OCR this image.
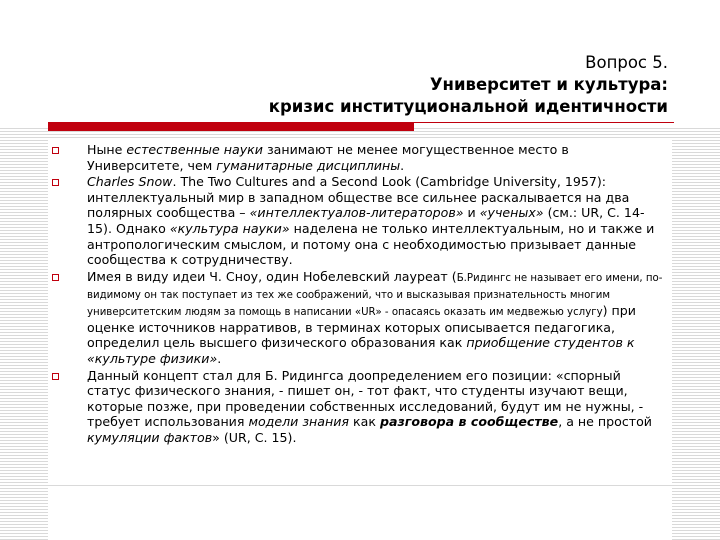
Вопрос 5.
Университет и культура:
кризис институциональной идентичности
Ныне естественные науки занимают не менее могущественное место в Университете, чем гуманитарные дисциплины.
Charles Snow. The Two Cultures and a Second Look (Cambridge University, 1957): интеллектуальный мир в западном обществе все сильнее раскалывается на два полярных сообщества – «интеллектуалов-литераторов» и «ученых» (см.: UR, C. 14-15). Однако «культура науки» наделена не только интеллектуальным, но и также и антропологическим смыслом, и потому она с необходимостью призывает данные сообщества к сотрудничеству.
Имея в виду идеи Ч. Сноу, один Нобелевский лауреат (Б.Ридингс не называет его имени, по-видимому он так поступает из тех же соображений, что и высказывая признательность многим университетским людям за помощь в написании «UR» - опасаясь оказать им медвежью услугу) при оценке источников нарративов, в терминах которых описывается педагогика, определил цель высшего физического образования как приобщение студентов к «культуре физики».
Данный концепт стал для Б. Ридингса доопределением его позиции: «спорный статус физического знания, - пишет он, - тот факт, что студенты изучают вещи, которые позже, при проведении собственных исследований, будут им не нужны, - требует использования модели знания как разговора в сообществе, а не простой кумуляции фактов» (UR, C. 15).
